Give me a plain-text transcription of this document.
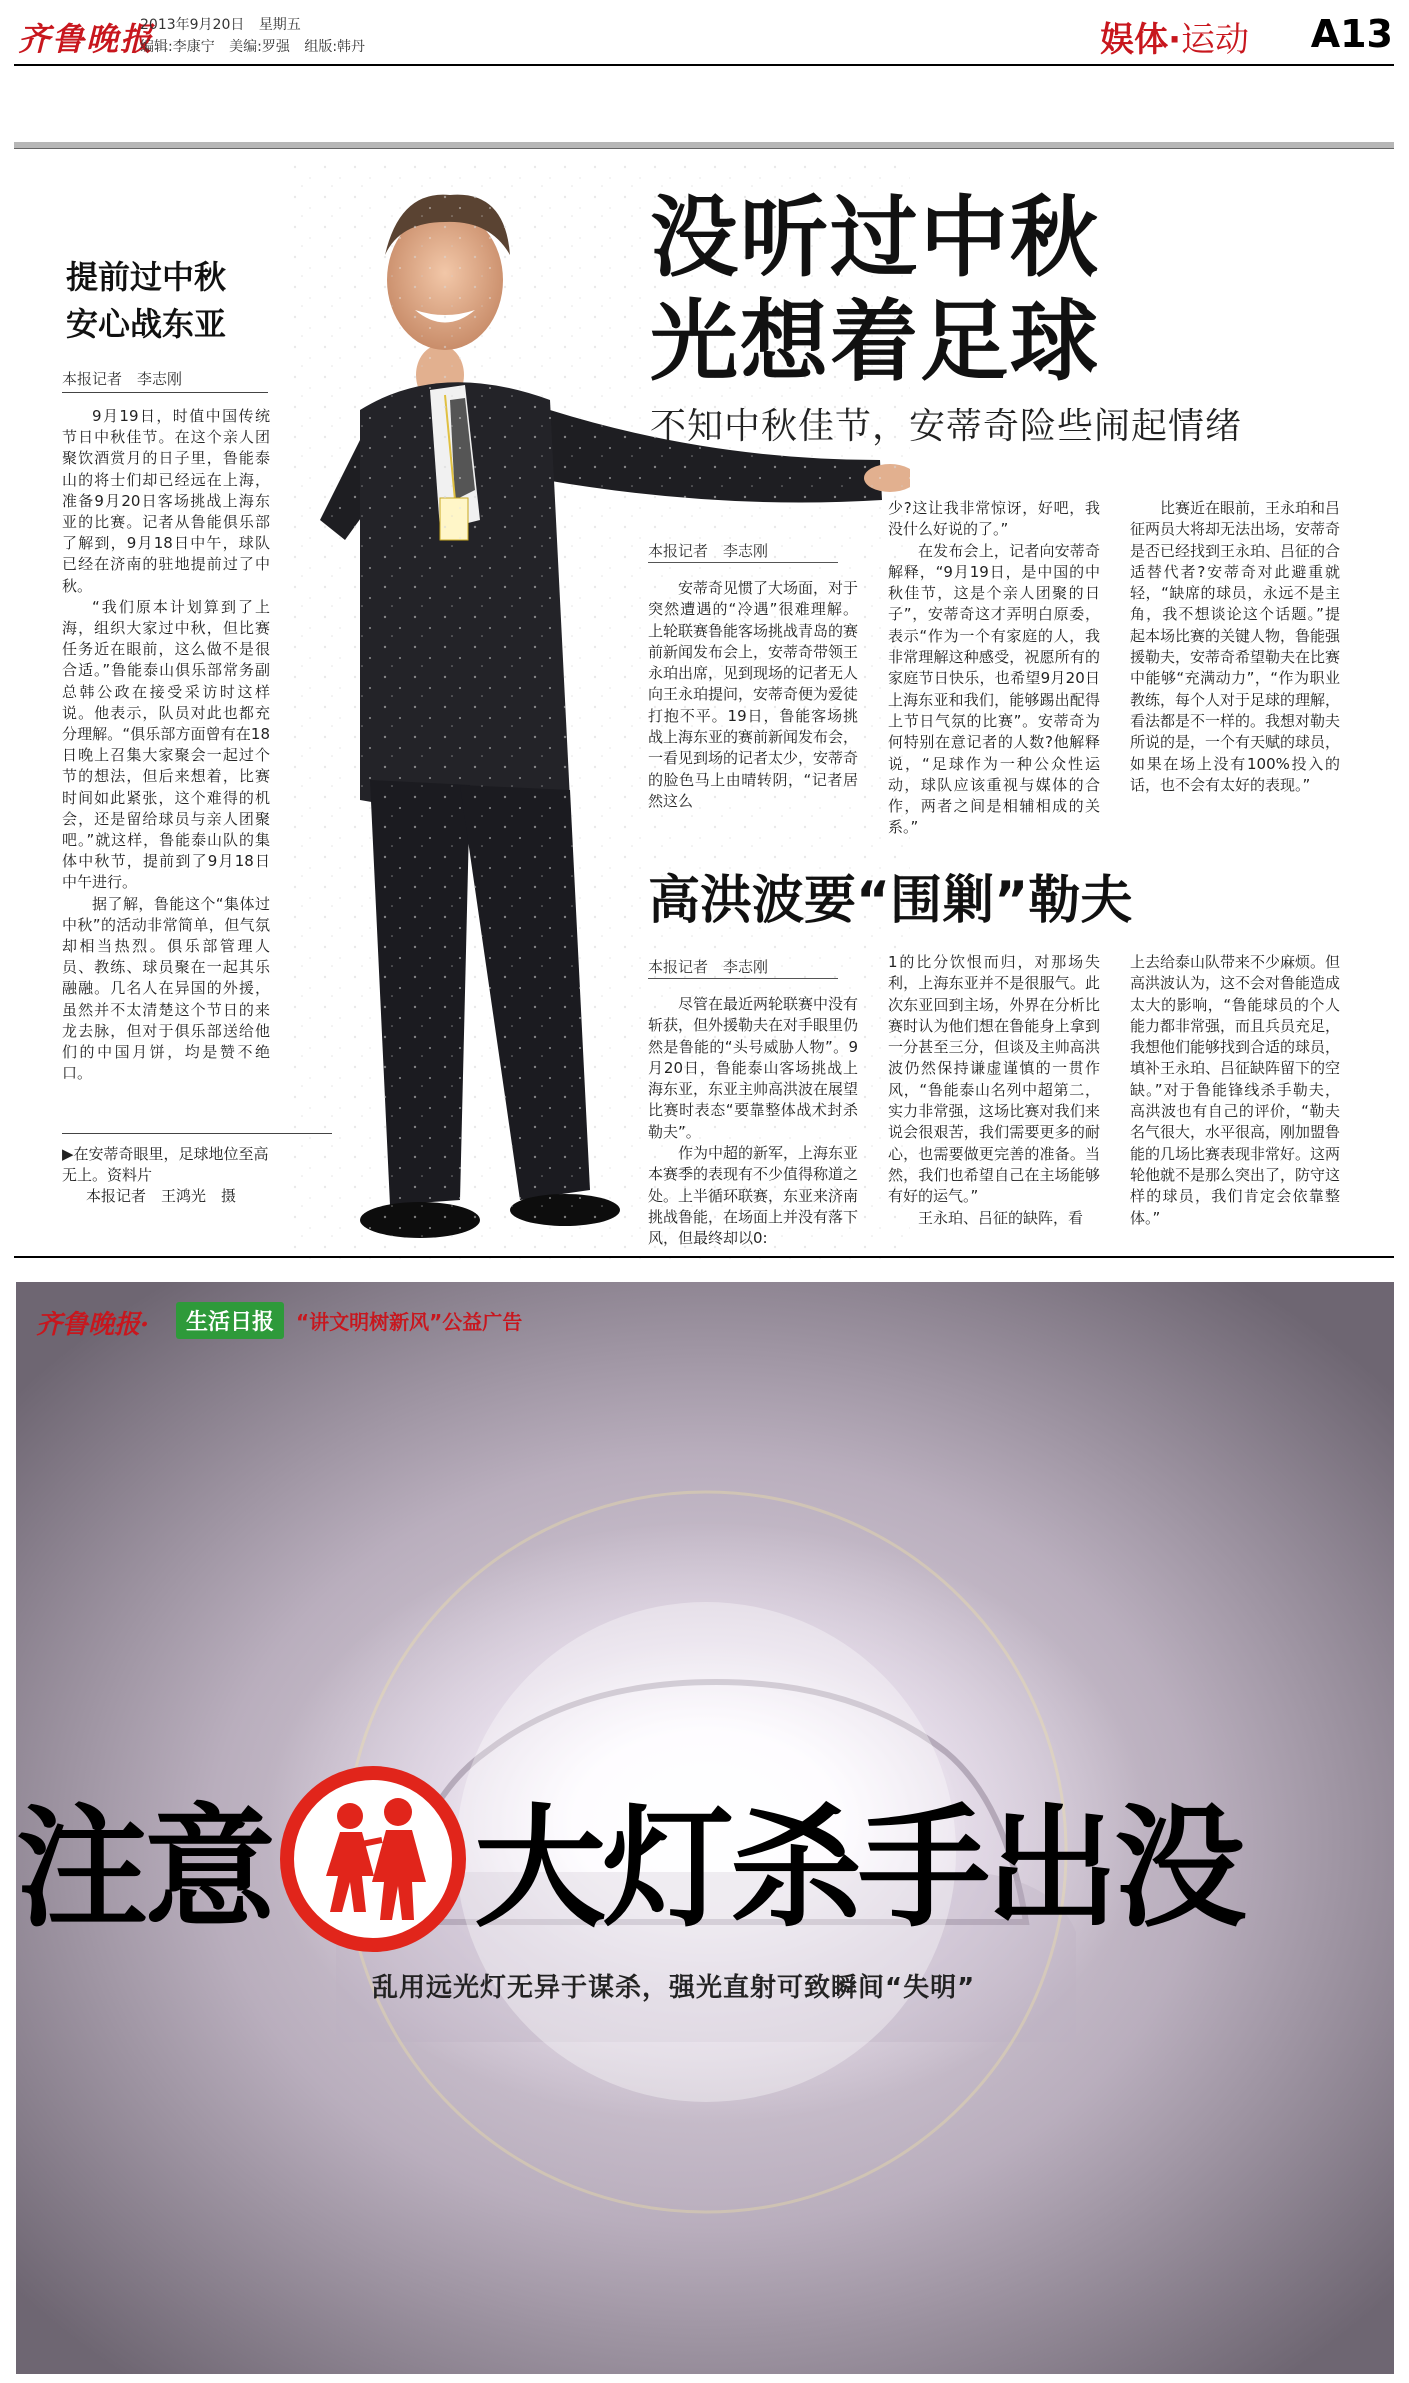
齐鲁晚报
2013年9月20日 星期五
编辑:李康宁 美编:罗强 组版:韩丹	娱体·运动 A13
提前过中秋
安心战东亚
本报记者　李志刚

9月19日，时值中国传统节日中秋佳节。在这个亲人团聚饮酒赏月的日子里，鲁能泰山的将士们却已经远在上海，准备9月20日客场挑战上海东亚的比赛。记者从鲁能俱乐部了解到，9月18日中午，球队已经在济南的驻地提前过了中秋。

“我们原本计划算到了上海，组织大家过中秋，但比赛任务近在眼前，这么做不是很合适。”鲁能泰山俱乐部常务副总韩公政在接受采访时这样说。他表示，队员对此也都充分理解。“俱乐部方面曾有在18日晚上召集大家聚会一起过个节的想法，但后来想着，比赛时间如此紧张，这个难得的机会，还是留给球员与亲人团聚吧。”就这样，鲁能泰山队的集体中秋节，提前到了9月18日中午进行。

据了解，鲁能这个“集体过中秋”的活动非常简单，但气氛却相当热烈。俱乐部管理人员、教练、球员聚在一起其乐融融。几名人在异国的外援，虽然并不太清楚这个节日的来龙去脉，但对于俱乐部送给他们的中国月饼，均是赞不绝口。

▶在安蒂奇眼里，足球地位至高无上。资料片
本报记者　王鸿光　摄
没听过中秋
光想着足球
不知中秋佳节，安蒂奇险些闹起情绪
本报记者　李志刚

安蒂奇见惯了大场面，对于突然遭遇的“冷遇”很难理解。上轮联赛鲁能客场挑战青岛的赛前新闻发布会上，安蒂奇带领王永珀出席，见到现场的记者无人向王永珀提问，安蒂奇便为爱徒打抱不平。19日，鲁能客场挑战上海东亚的赛前新闻发布会，一看见到场的记者太少，安蒂奇的脸色马上由晴转阴，“记者居然这么

少?这让我非常惊讶，好吧，我没什么好说的了。”

在发布会上，记者向安蒂奇解释，“9月19日，是中国的中秋佳节，这是个亲人团聚的日子”，安蒂奇这才弄明白原委，表示“作为一个有家庭的人，我非常理解这种感受，祝愿所有的家庭节日快乐，也希望9月20日上海东亚和我们，能够踢出配得上节日气氛的比赛”。安蒂奇为何特别在意记者的人数?他解释说，“足球作为一种公众性运动，球队应该重视与媒体的合作，两者之间是相辅相成的关系。”

比赛近在眼前，王永珀和吕征两员大将却无法出场，安蒂奇是否已经找到王永珀、吕征的合适替代者?安蒂奇对此避重就轻，“缺席的球员，永远不是主角，我不想谈论这个话题。”提起本场比赛的关键人物，鲁能强援勒夫，安蒂奇希望勒夫在比赛中能够“充满动力”，“作为职业教练，每个人对于足球的理解，看法都是不一样的。我想对勒夫所说的是，一个有天赋的球员，如果在场上没有100%投入的话，也不会有太好的表现。”

高洪波要“围剿”勒夫
本报记者　李志刚

尽管在最近两轮联赛中没有斩获，但外援勒夫在对手眼里仍然是鲁能的“头号威胁人物”。9月20日，鲁能泰山客场挑战上海东亚，东亚主帅高洪波在展望比赛时表态“要靠整体战术封杀勒夫”。

作为中超的新军，上海东亚本赛季的表现有不少值得称道之处。上半循环联赛，东亚来济南挑战鲁能，在场面上并没有落下风，但最终却以0:

1的比分饮恨而归，对那场失利，上海东亚并不是很服气。此次东亚回到主场，外界在分析比赛时认为他们想在鲁能身上拿到一分甚至三分，但谈及主帅高洪波仍然保持谦虚谨慎的一贯作风，“鲁能泰山名列中超第二，实力非常强，这场比赛对我们来说会很艰苦，我们需要更多的耐心，也需要做更完善的准备。当然，我们也希望自己在主场能够有好的运气。”

王永珀、吕征的缺阵，看

上去给泰山队带来不少麻烦。但高洪波认为，这不会对鲁能造成太大的影响，“鲁能球员的个人能力都非常强，而且兵员充足，我想他们能够找到合适的球员，填补王永珀、吕征缺阵留下的空缺。”对于鲁能锋线杀手勒夫，高洪波也有自己的评价，“勒夫名气很大，水平很高，刚加盟鲁能的几场比赛表现非常好。这两轮他就不是那么突出了，防守这样的球员，我们肯定会依靠整体。”

齐鲁晚报·	生活日报	“讲文明树新风”公益广告
注意 大灯杀手出没
乱用远光灯无异于谋杀，强光直射可致瞬间“失明”
